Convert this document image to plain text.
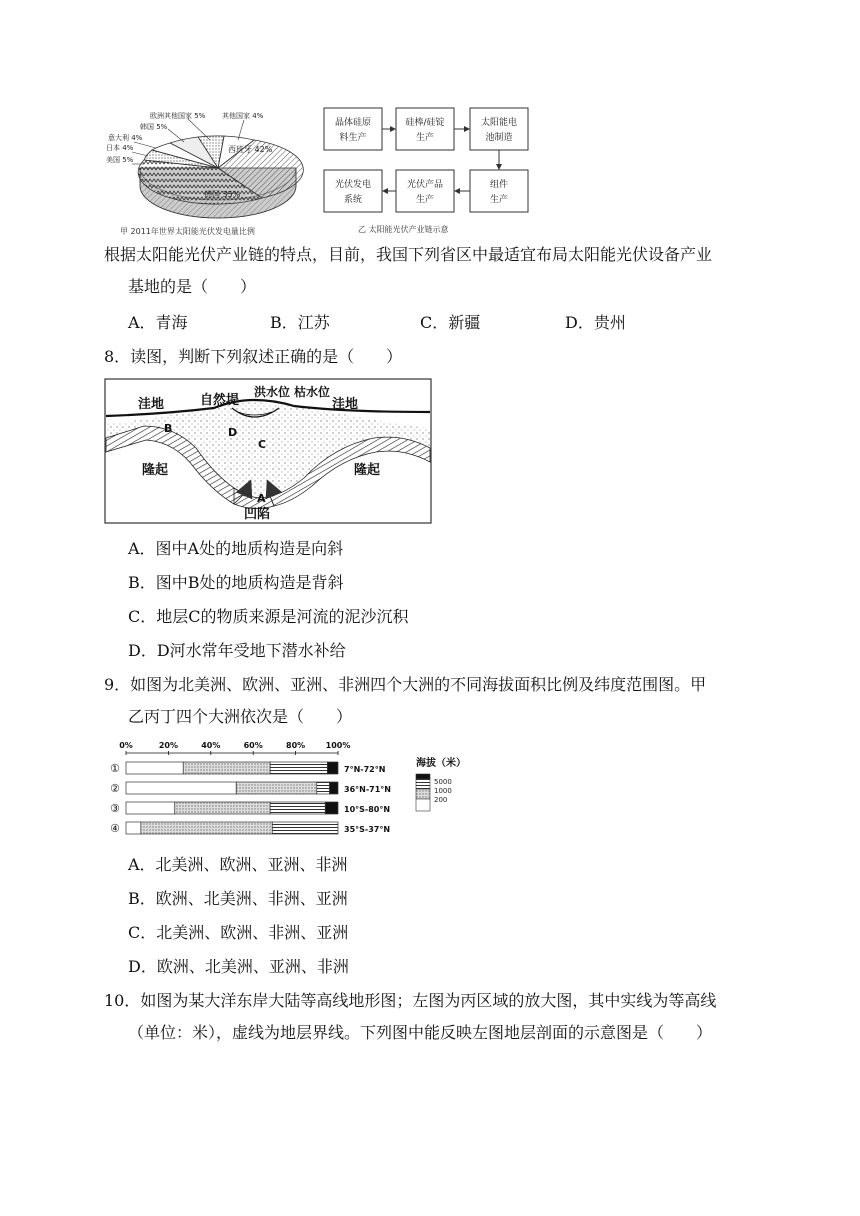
德国 35%
西班牙 42%
其他国家 4%
欧洲其他国家 5%
韩国 5%
意大利 4%
日本 4%
美国 5%
甲 2011年世界太阳能光伏发电量比例
晶体硅原
料生产
硅棒/硅锭
生产
太阳能电
池制造
组件
生产
光伏产品
生产
光伏发电
系统
乙 太阳能光伏产业链示意
根据太阳能光伏产业链的特点，目前，我国下列省区中最适宜布局太阳能光伏设备产业
基地的是（　　）
A．青海	B．江苏	C．新疆	D．贵州
8．读图，判断下列叙述正确的是（　　）
洼地	自然堤
洪水位 枯水位
洼地
B	D
C
隆起	隆起
A
凹陷
A．图中A处的地质构造是向斜
B．图中B处的地质构造是背斜
C．地层C的物质来源是河流的泥沙沉积
D．D河水常年受地下潜水补给
9．如图为北美洲、欧洲、亚洲、非洲四个大洲的不同海拔面积比例及纬度范围图。甲
乙丙丁四个大洲依次是（　　）
0%	20%	40%	60%	80%	100%
①	7°N-72°N
②	36°N-71°N
③	10°S-80°N
④	35°S-37°N
海拔（米）
5000
1000
200
A．北美洲、欧洲、亚洲、非洲
B．欧洲、北美洲、非洲、亚洲
C．北美洲、欧洲、非洲、亚洲
D．欧洲、北美洲、亚洲、非洲
10．如图为某大洋东岸大陆等高线地形图；左图为丙区域的放大图，其中实线为等高线
（单位：米），虚线为地层界线。下列图中能反映左图地层剖面的示意图是（　　）
